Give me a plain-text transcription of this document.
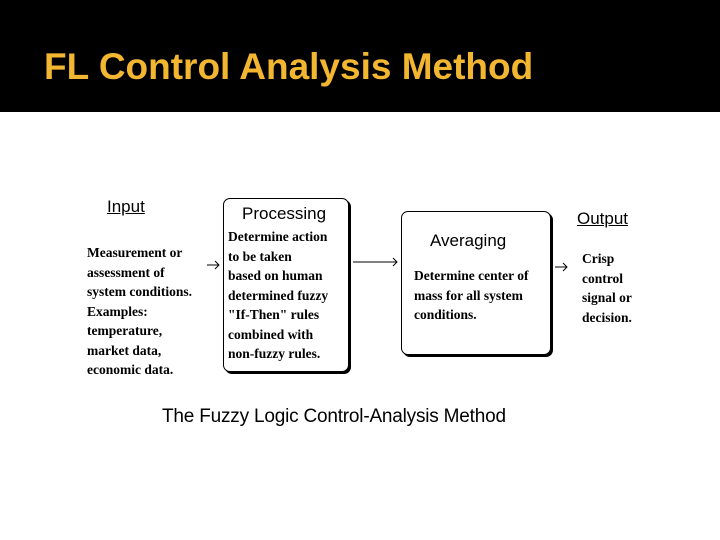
FL Control Analysis Method
Input
Measurement or
assessment of
system conditions.
Examples:
temperature,
market data,
economic data.
Processing
Determine action
to be taken
based on human
determined fuzzy
"If-Then" rules
combined with
non-fuzzy rules.
Averaging
Determine center of
mass for all system
conditions.
Output
Crisp
control
signal or
decision.
The Fuzzy Logic Control-Analysis Method
